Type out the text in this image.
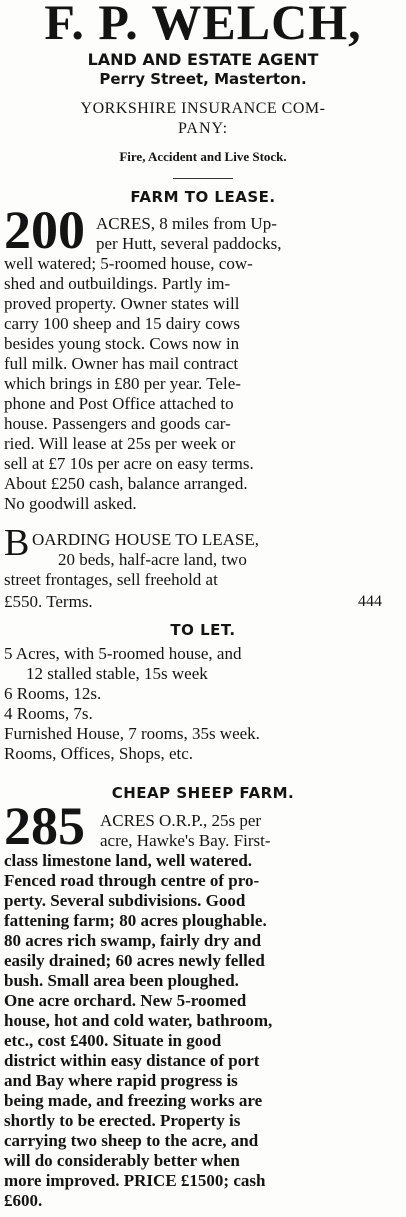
F. P. WELCH,
LAND AND ESTATE AGENT
Perry Street, Masterton.
YORKSHIRE INSURANCE COM-
PANY:
Fire, Accident and Live Stock.
FARM TO LEASE.
200 ACRES, 8 miles from Up-
per Hutt, several paddocks,
well watered; 5-roomed house, cow-
shed and outbuildings. Partly im-
proved property. Owner states will
carry 100 sheep and 15 dairy cows
besides young stock. Cows now in
full milk. Owner has mail contract
which brings in £80 per year. Tele-
phone and Post Office attached to
house. Passengers and goods car-
ried. Will lease at 25s per week or
sell at £7 10s per acre on easy terms.
About £250 cash, balance arranged.
No goodwill asked.
B OARDING HOUSE TO LEASE,
20 beds, half-acre land, two
street frontages, sell freehold at
£550. Terms.	444
TO LET.
5 Acres, with 5-roomed house, and
12 stalled stable, 15s week
6 Rooms, 12s.
4 Rooms, 7s.
Furnished House, 7 rooms, 35s week.
Rooms, Offices, Shops, etc.
CHEAP SHEEP FARM.
285 ACRES O.R.P., 25s per
acre, Hawke's Bay. First-
class limestone land, well watered.
Fenced road through centre of pro-
perty. Several subdivisions. Good
fattening farm; 80 acres ploughable.
80 acres rich swamp, fairly dry and
easily drained; 60 acres newly felled
bush. Small area been ploughed.
One acre orchard. New 5-roomed
house, hot and cold water, bathroom,
etc., cost £400. Situate in good
district within easy distance of port
and Bay where rapid progress is
being made, and freezing works are
shortly to be erected. Property is
carrying two sheep to the acre, and
will do considerably better when
more improved. PRICE £1500; cash
£600.
